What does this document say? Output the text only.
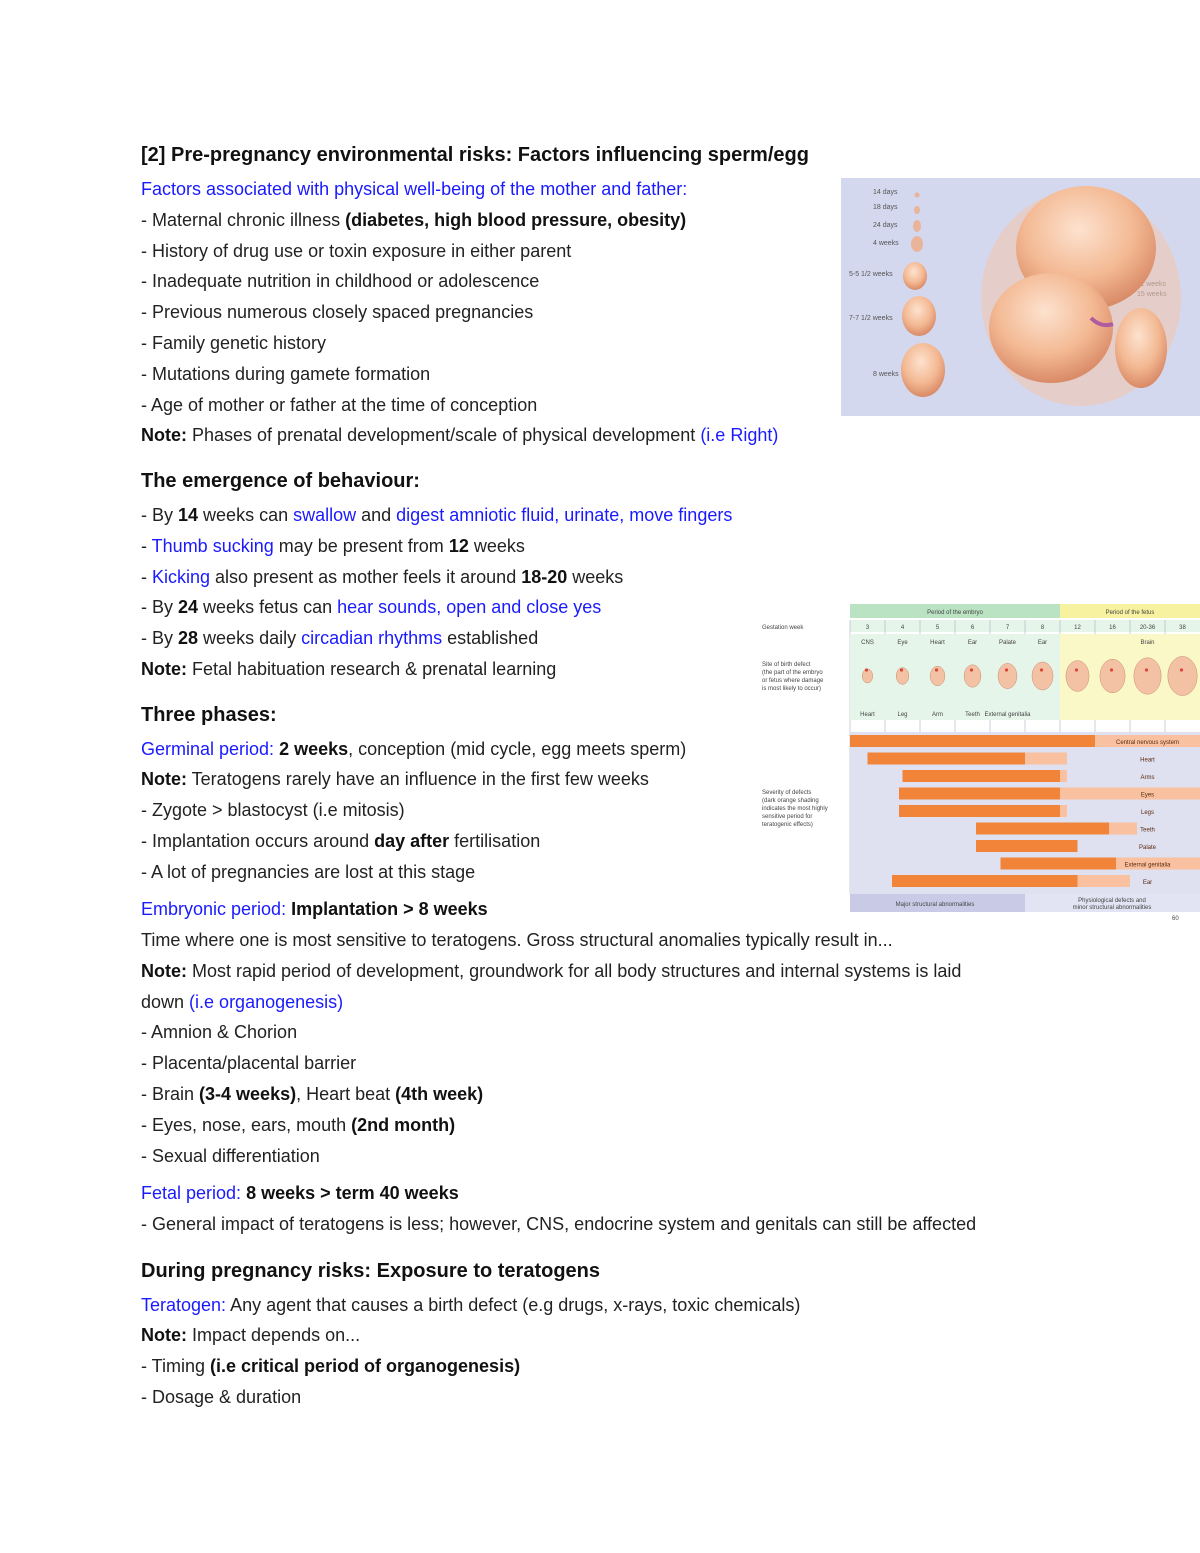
[2] Pre-pregnancy environmental risks: Factors influencing sperm/egg
Factors associated with physical well-being of the mother and father:
- Maternal chronic illness (diabetes, high blood pressure, obesity)
- History of drug use or toxin exposure in either parent
- Inadequate nutrition in childhood or adolescence
- Previous numerous closely spaced pregnancies
- Family genetic history
- Mutations during gamete formation
- Age of mother or father at the time of conception
Note: Phases of prenatal development/scale of physical development (i.e Right)
The emergence of behaviour:
- By 14 weeks can swallow and digest amniotic fluid, urinate, move fingers
- Thumb sucking may be present from 12 weeks
- Kicking also present as mother feels it around 18-20 weeks
- By 24 weeks fetus can hear sounds, open and close yes
- By 28 weeks daily circadian rhythms established
Note: Fetal habituation research & prenatal learning
Three phases:
Germinal period: 2 weeks, conception (mid cycle, egg meets sperm)
Note: Teratogens rarely have an influence in the first few weeks
- Zygote > blastocyst (i.e mitosis)
- Implantation occurs around day after fertilisation
- A lot of pregnancies are lost at this stage
Embryonic period: Implantation > 8 weeks
Time where one is most sensitive to teratogens. Gross structural anomalies typically result in...
Note: Most rapid period of development, groundwork for all body structures and internal systems is laid
down (i.e organogenesis)
- Amnion & Chorion
- Placenta/placental barrier
- Brain (3-4 weeks), Heart beat (4th week)
- Eyes, nose, ears, mouth (2nd month)
- Sexual differentiation
Fetal period: 8 weeks > term 40 weeks
- General impact of teratogens is less; however, CNS, endocrine system and genitals can still be affected
During pregnancy risks: Exposure to teratogens
Teratogen: Any agent that causes a birth defect (e.g drugs, x-rays, toxic chemicals)
Note: Impact depends on...
- Timing (i.e critical period of organogenesis)
- Dosage & duration
14 days
18 days
24 days
4 weeks
5-5 1/2 weeks
7-7 1/2 weeks
8 weeks
Period of the embryo	Period of the fetus
Gestation week	3	4	5	6	7	8	12	16	20-36	38
CNS	Eye	Heart	Ear	Palate	Ear	Brain
Heart	Leg	Arm	Teeth External genitalia
Site of birth defect
(the part of the embryo
or fetus where damage
is most likely to occur)
Severity of defects
(dark orange shading
indicates the most highly
sensitive period for
teratogenic effects)
Central nervous system
Heart
Arms
Eyes
Legs
Teeth
Palate
External genitalia
Ear
Major structural abnormalities
Physiological defects and
minor structural abnormalities
60
